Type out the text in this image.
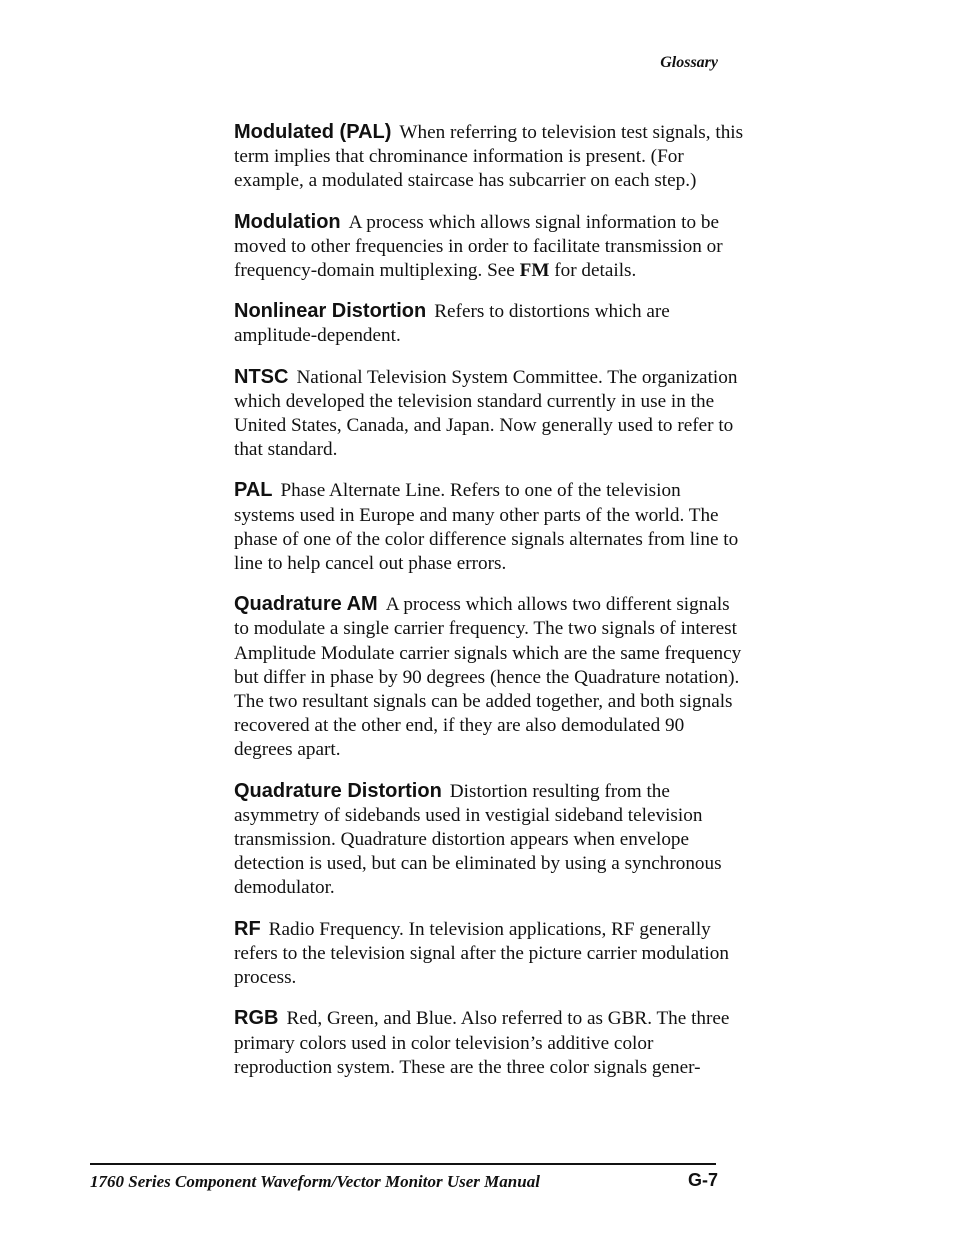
Glossary

Modulated (PAL) When referring to television test signals, this term implies that chrominance information is present. (For example, a modulated staircase has subcarrier on each step.)

Modulation A process which allows signal information to be moved to other frequencies in order to facilitate transmission or frequency-domain multiplexing. See FM for details.

Nonlinear Distortion Refers to distortions which are amplitude-dependent.

NTSC National Television System Committee. The organization which developed the television standard currently in use in the United States, Canada, and Japan. Now generally used to refer to that standard.

PAL Phase Alternate Line. Refers to one of the television systems used in Europe and many other parts of the world. The phase of one of the color difference signals alternates from line to line to help cancel out phase errors.

Quadrature AM A process which allows two different signals to modulate a single carrier frequency. The two signals of interest Amplitude Modulate carrier signals which are the same frequency but differ in phase by 90 degrees (hence the Quadrature notation). The two resultant signals can be added together, and both signals recovered at the other end, if they are also demodulated 90 degrees apart.

Quadrature Distortion Distortion resulting from the asymmetry of sidebands used in vestigial sideband television transmission. Quadrature distortion appears when envelope detection is used, but can be eliminated by using a synchronous demodulator.

RF Radio Frequency. In television applications, RF generally refers to the television signal after the picture carrier modulation process.

RGB Red, Green, and Blue. Also referred to as GBR. The three primary colors used in color television’s additive color reproduction system. These are the three color signals gener-

1760 Series Component Waveform/Vector Monitor User Manual	G-7
